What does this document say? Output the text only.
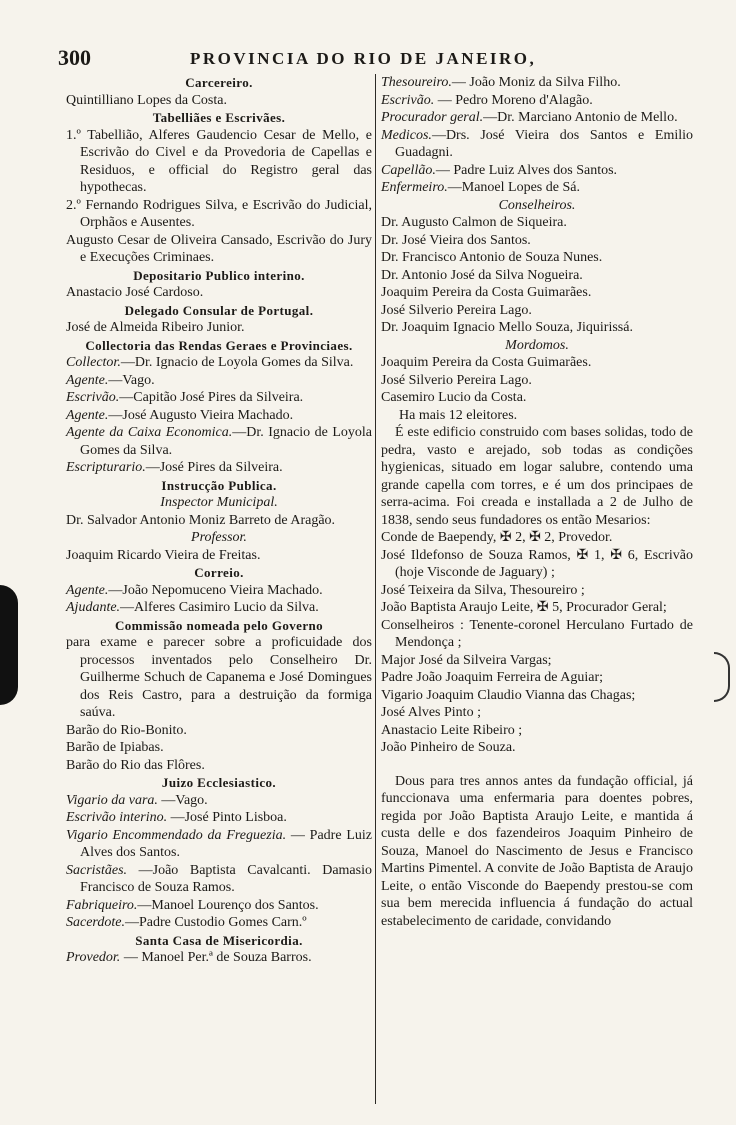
300	PROVINCIA DO RIO DE JANEIRO,
Carcereiro.
Quintilliano Lopes da Costa.
Tabelliães e Escrivães.
1.º Tabellião, Alferes Gaudencio Cesar de Mello, e Escrivão do Civel e da Provedoria de Capellas e Residuos, e official do Registro geral das hypothecas.
2.º Fernando Rodrigues Silva, e Escrivão do Judicial, Orphãos e Ausentes.
Augusto Cesar de Oliveira Cansado, Escrivão do Jury e Execuções Criminaes.
Depositario Publico interino.
Anastacio José Cardoso.
Delegado Consular de Portugal.
José de Almeida Ribeiro Junior.
Collectoria das Rendas Geraes e Provinciaes.
Collector.—Dr. Ignacio de Loyola Gomes da Silva.
Agente.—Vago.
Escrivão.—Capitão José Pires da Silveira.
Agente.—José Augusto Vieira Machado.
Agente da Caixa Economica.—Dr. Ignacio de Loyola Gomes da Silva.
Escripturario.—José Pires da Silveira.
Instrucção Publica.
Inspector Municipal.
Dr. Salvador Antonio Moniz Barreto de Aragão.
Professor.
Joaquim Ricardo Vieira de Freitas.
Correio.
Agente.—João Nepomuceno Vieira Machado.
Ajudante.—Alferes Casimiro Lucio da Silva.
Commissão nomeada pelo Governo
para exame e parecer sobre a proficuidade dos processos inventados pelo Conselheiro Dr. Guilherme Schuch de Capanema e José Domingues dos Reis Castro, para a destruição da formiga saúva.
Barão do Rio-Bonito.
Barão de Ipiabas.
Barão do Rio das Flôres.
Juizo Ecclesiastico.
Vigario da vara. —Vago.
Escrivão interino. —José Pinto Lisboa.
Vigario Encommendado da Freguezia. — Padre Luiz Alves dos Santos.
Sacristães. —João Baptista Cavalcanti. Damasio Francisco de Souza Ramos.
Fabriqueiro.—Manoel Lourenço dos Santos.
Sacerdote.—Padre Custodio Gomes Carn.º
Santa Casa de Misericordia.
Provedor. — Manoel Per.ª de Souza Barros.
Thesoureiro.— João Moniz da Silva Filho.
Escrivão. — Pedro Moreno d'Alagão.
Procurador geral.—Dr. Marciano Antonio de Mello.
Medicos.—Drs. José Vieira dos Santos e Emilio Guadagni.
Capellão.— Padre Luiz Alves dos Santos.
Enfermeiro.—Manoel Lopes de Sá.
Conselheiros.
Dr. Augusto Calmon de Siqueira.
Dr. José Vieira dos Santos.
Dr. Francisco Antonio de Souza Nunes.
Dr. Antonio José da Silva Nogueira.
Joaquim Pereira da Costa Guimarães.
José Silverio Pereira Lago.
Dr. Joaquim Ignacio Mello Souza, Jiquirissá.
Mordomos.
Joaquim Pereira da Costa Guimarães.
José Silverio Pereira Lago.
Casemiro Lucio da Costa.
Ha mais 12 eleitores.
É este edificio construido com bases solidas, todo de pedra, vasto e arejado, sob todas as condições hygienicas, situado em logar salubre, contendo uma grande capella com torres, e é um dos principaes de serra-acima. Foi creada e installada a 2 de Julho de 1838, sendo seus fundadores os então Mesarios:
Conde de Baependy, ✠ 2, ✠ 2, Provedor.
José Ildefonso de Souza Ramos, ✠ 1, ✠ 6, Escrivão (hoje Visconde de Jaguary) ;
José Teixeira da Silva, Thesoureiro ;
João Baptista Araujo Leite, ✠ 5, Procurador Geral;
Conselheiros : Tenente-coronel Herculano Furtado de Mendonça ;
Major José da Silveira Vargas;
Padre João Joaquim Ferreira de Aguiar;
Vigario Joaquim Claudio Vianna das Chagas;
José Alves Pinto ;
Anastacio Leite Ribeiro ;
João Pinheiro de Souza.
Dous para tres annos antes da fundação official, já funccionava uma enfermaria para doentes pobres, regida por João Baptista Araujo Leite, e mantida á custa delle e dos fazendeiros Joaquim Pinheiro de Souza, Manoel do Nascimento de Jesus e Francisco Martins Pimentel. A convite de João Baptista de Araujo Leite, o então Visconde do Baependy prestou-se com sua bem merecida influencia á fundação do actual estabelecimento de caridade, convidando
